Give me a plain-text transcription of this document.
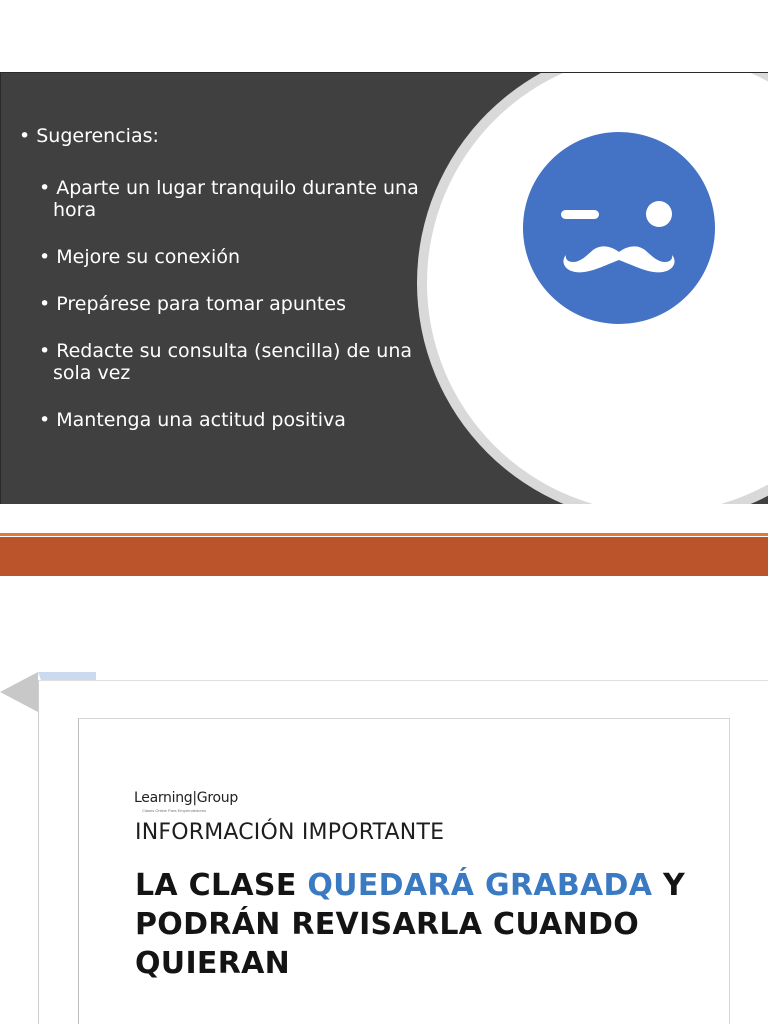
• Sugerencias:
• Aparte un lugar tranquilo durante una hora
• Mejore su conexión
• Prepárese para tomar apuntes
• Redacte su consulta (sencilla) de una sola vez
• Mantenga una actitud positiva
Learning|Group
Clases Online Para Emprendedores
INFORMACIÓN IMPORTANTE
LA CLASE QUEDARÁ GRABADA Y PODRÁN REVISARLA CUANDO QUIERAN
